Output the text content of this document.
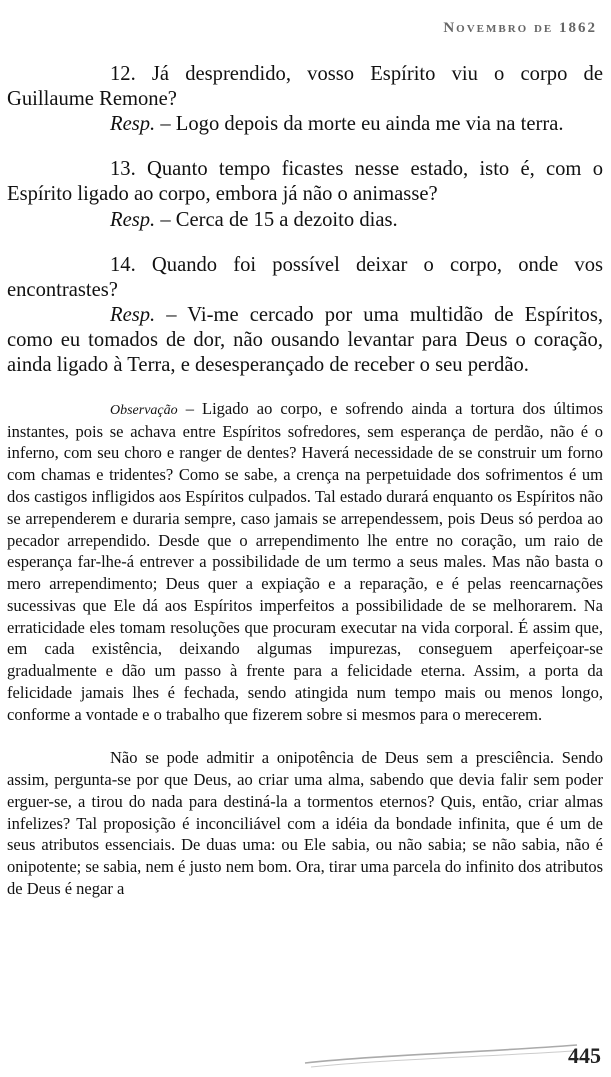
Novembro de 1862

12. Já desprendido, vosso Espírito viu o corpo de Guillaume Remone?

Resp. – Logo depois da morte eu ainda me via na terra.

13. Quanto tempo ficastes nesse estado, isto é, com o Espírito ligado ao corpo, embora já não o animasse?

Resp. – Cerca de 15 a dezoito dias.

14. Quando foi possível deixar o corpo, onde vos encontrastes?

Resp. – Vi-me cercado por uma multidão de Espíritos, como eu tomados de dor, não ousando levantar para Deus o coração, ainda ligado à Terra, e desesperançado de receber o seu perdão.

Observação – Ligado ao corpo, e sofrendo ainda a tortura dos últimos instantes, pois se achava entre Espíritos sofredores, sem esperança de perdão, não é o inferno, com seu choro e ranger de dentes? Haverá necessidade de se construir um forno com chamas e tridentes? Como se sabe, a crença na perpetuidade dos sofrimentos é um dos castigos infligidos aos Espíritos culpados. Tal estado durará enquanto os Espíritos não se arrependerem e duraria sempre, caso jamais se arrependessem, pois Deus só perdoa ao pecador arrependido. Desde que o arrependimento lhe entre no coração, um raio de esperança far-lhe-á entrever a possibilidade de um termo a seus males. Mas não basta o mero arrependimento; Deus quer a expiação e a reparação, e é pelas reencarnações sucessivas que Ele dá aos Espíritos imperfeitos a possibilidade de se melhorarem. Na erraticidade eles tomam resoluções que procuram executar na vida corporal. É assim que, em cada existência, deixando algumas impurezas, conseguem aperfeiçoar-se gradualmente e dão um passo à frente para a felicidade eterna. Assim, a porta da felicidade jamais lhes é fechada, sendo atingida num tempo mais ou menos longo, conforme a vontade e o trabalho que fizerem sobre si mesmos para o merecerem.

Não se pode admitir a onipotência de Deus sem a presciência. Sendo assim, pergunta-se por que Deus, ao criar uma alma, sabendo que devia falir sem poder erguer-se, a tirou do nada para destiná-la a tormentos eternos? Quis, então, criar almas infelizes? Tal proposição é inconciliável com a idéia da bondade infinita, que é um de seus atributos essenciais. De duas uma: ou Ele sabia, ou não sabia; se não sabia, não é onipotente; se sabia, nem é justo nem bom. Ora, tirar uma parcela do infinito dos atributos de Deus é negar a

445
